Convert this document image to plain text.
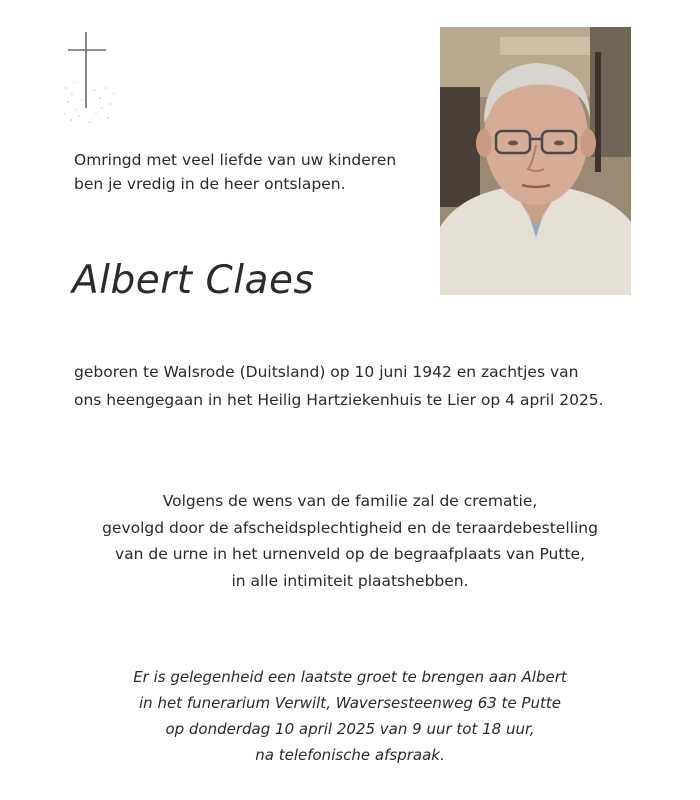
Omringd met veel liefde van uw kinderen
ben je vredig in de heer ontslapen.
Albert Claes
geboren te Walsrode (Duitsland) op 10 juni 1942 en zachtjes van
ons heengegaan in het Heilig Hartziekenhuis te Lier op 4 april 2025.
Volgens de wens van de familie zal de crematie,
gevolgd door de afscheidsplechtigheid en de teraardebestelling
van de urne in het urnenveld op de begraafplaats van Putte,
in alle intimiteit plaatshebben.
Er is gelegenheid een laatste groet te brengen aan Albert
in het funerarium Verwilt, Waversesteenweg 63 te Putte
op donderdag 10 april 2025 van 9 uur tot 18 uur,
na telefonische afspraak.
